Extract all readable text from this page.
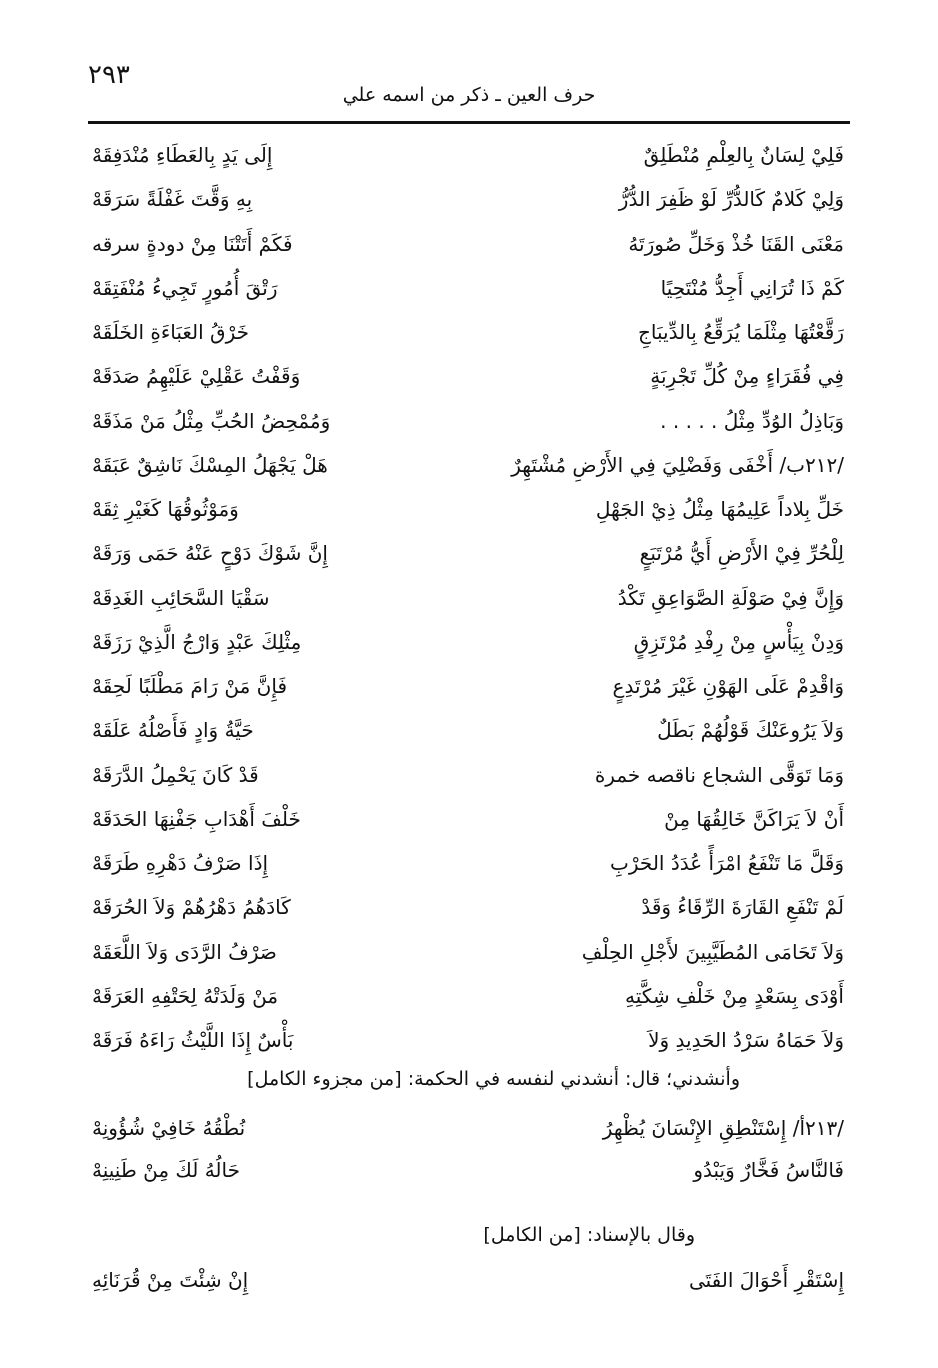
٢٩٣
حرف العين ـ ذكر من اسمه علي
فَلِيْ لِسَانٌ بِالعِلْمِ مُنْطَلِقٌ
إِلَى يَدٍ بِالعَطَاءِ مُنْدَفِقَهْ
وَلِيْ كَلامٌ كَالدُّرِّ لَوْ ظَفِرَ الدُّرُّ
بِهِ وَقَّتَ غَفْلَةً سَرَقَهْ
مَعْنَى القَنَا خُذْ وَخَلِّ صُورَتَهُ
فَكَمْ أَتَتْنَا مِنْ دودةٍ سرقه
كَمْ ذَا تُرَانِي أَجِدُّ مُنْتَحِيًا
رَتْقَ أُمُورٍ تَجِيءُ مُنْفَتِقَهْ
رَقَّعْتُهَا مِثْلَمَا يُرَقِّعُ بِالدِّيبَاجِ
خَرْقُ العَبَاءَةِ الخَلَقَهْ
فِي فُقَرَاءٍ مِنْ كُلِّ تَجْرِبَةٍ
وَقَفْتُ عَقْلِيْ عَلَيْهِمُ صَدَقَهْ
وَبَاذِلُ الوُدِّ مِثْلُ . . . . .
وَمُمْحِضُ الحُبِّ مِثْلُ مَنْ مَذَقَهْ
/٢١٢ب/ أَخْفَى وَفَضْلِيَ فِي الأَرْضِ مُشْتَهِرٌ
هَلْ يَجْهَلُ المِسْكَ نَاشِقٌ عَبَقَهْ
خَلِّ بِلاداً عَلِيمُهَا مِثْلُ ذِيْ الجَهْلِ
وَمَوْثُوقُهَا كَغَيْرِ ثِقَهْ
لِلْحُرِّ فِيْ الأَرْضِ أَيُّ مُرْتَبَعٍ
إِنَّ شَوْكَ دَوْحٍ عَنْهُ حَمَى وَرَقَهْ
وَإِنَّ فِيْ صَوْلَةِ الصَّوَاعِقِ تَكْدُ
سَقْيَا السَّحَائِبِ الغَدِقَهْ
وَدِنْ بِيَأْسٍ مِنْ رِفْدِ مُرْتَزِقٍ
مِثْلِكَ عَبْدٍ وَارْجُ الَّذِيْ رَزَقَهْ
وَاقْدِمْ عَلَى الهَوْنِ غَيْرَ مُرْتَدِعٍ
فَإِنَّ مَنْ رَامَ مَطْلَبًا لَحِقَهْ
وَلاَ يَرُوعَنْكَ قَوْلُهُمْ بَطَلٌ
حَيَّةُ وَادٍ فَأَصْلُهُ عَلَقَهْ
وَمَا تَوَقَّى الشجاع ناقصه خمرة
قَدْ كَانَ يَحْمِلُ الدَّرَقَهْ
أَنْ لاَ يَرَاكَنَّ خَالِقُهَا مِنْ
خَلْفَ أَهْدَابِ جَفْنِهَا الحَدَقَهْ
وَقَلَّ مَا تَنْفَعُ امْرَأً عُدَدُ الحَرْبِ
إِذَا صَرْفُ دَهْرِهِ طَرَقَهْ
لَمْ تَنْفَعِ القَارَةَ الرِّقَاءُ وَقَدْ
كَادَهُمُ دَهْرُهُمْ وَلاَ الحُرَقَهْ
وَلاَ تَحَامَى المُطَيَّبِينَ لأَجْلِ الحِلْفِ
صَرْفُ الرَّدَى وَلاَ اللَّعَقَهْ
أَوْدَى بِسَعْدٍ مِنْ خَلْفِ شِكَّتِهِ
مَنْ وَلَدَتْهُ لِحَتْفِهِ العَرَقَهْ
وَلاَ حَمَاهُ سَرْدُ الحَدِيدِ وَلاَ
بَأْسٌ إِذَا اللَّيْثُ رَاءَهُ فَرَقَهْ
/٢١٣أ/ إِسْتَنْطِقِ الإِنْسَانَ يُظْهِرُ
نُطْقُهُ خَافِيْ شُؤُونِهْ
فَالنَّاسُ فَخَّارٌ وَيَبْدُو
حَالُهُ لَكَ مِنْ طَنِينِهْ
إِسْتَقْرِ أَحْوَالَ الفَتَى
إِنْ شِئْتَ مِنْ قُرَنَائِهِ
وأنشدني؛ قال: أنشدني لنفسه في الحكمة: [من مجزوء الكامل]
وقال بالإسناد: [من الكامل]
